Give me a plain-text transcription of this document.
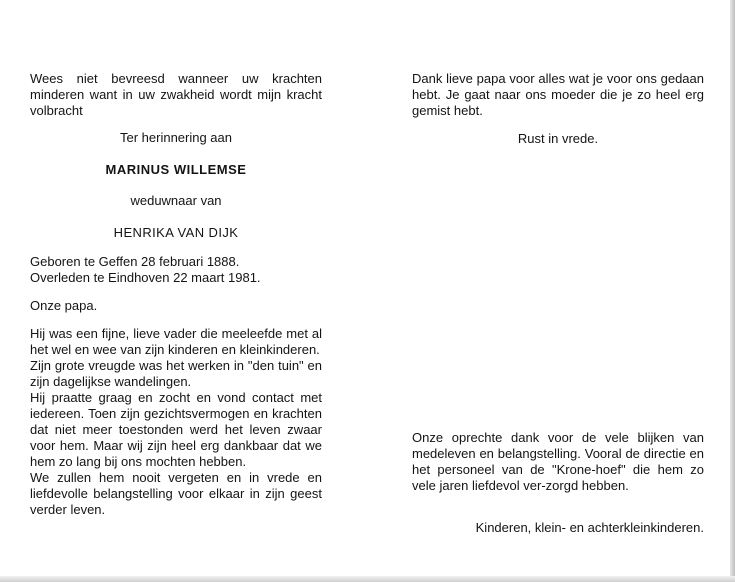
Wees niet bevreesd wanneer uw krachten minderen want in uw zwakheid wordt mijn kracht volbracht

Ter herinnering aan

MARINUS WILLEMSE

weduwnaar van

HENRIKA VAN DIJK

Geboren te Geffen 28 februari 1888.

Overleden te Eindhoven 22 maart 1981.

Onze papa.

Hij was een fijne, lieve vader die meeleefde met al het wel en wee van zijn kinderen en kleinkinderen.

Zijn grote vreugde was het werken in "den tuin" en zijn dagelijkse wandelingen.

Hij praatte graag en zocht en vond contact met iedereen. Toen zijn gezichtsvermogen en krachten dat niet meer toestonden werd het leven zwaar voor hem. Maar wij zijn heel erg dankbaar dat we hem zo lang bij ons mochten hebben.

We zullen hem nooit vergeten en in vrede en liefdevolle belangstelling voor elkaar in zijn geest verder leven.

Dank lieve papa voor alles wat je voor ons gedaan hebt. Je gaat naar ons moeder die je zo heel erg gemist hebt.

Rust in vrede.

Onze oprechte dank voor de vele blijken van medeleven en belangstelling. Vooral de directie en het personeel van de "Krone-hoef" die hem zo vele jaren liefdevol ver-zorgd hebben.

Kinderen, klein- en achterkleinkinderen.
